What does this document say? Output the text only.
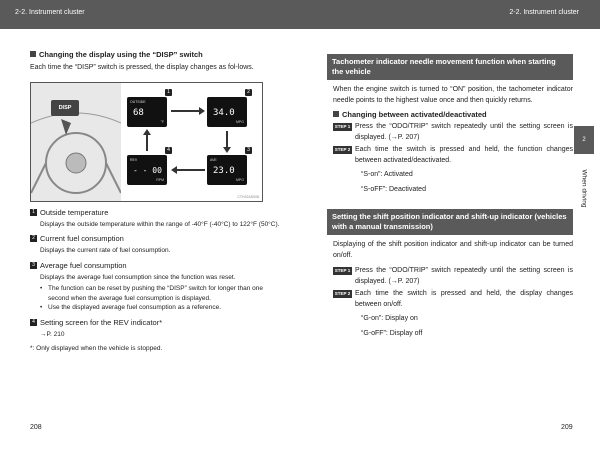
2-2. Instrument cluster	2-2. Instrument cluster
Changing the display using the “DISP” switch
Each time the “DISP” switch is pressed, the display changes as fol-lows.
DISP
1
OUTSIDE
68
°F
2
34.0
MPG
4
REV
- - 00
RPM
3
AVE
23.0
MPG
CTH22AS008
1 Outside temperature
Displays the outside temperature within the range of -40°F (-40°C) to 122°F (50°C).
2 Current fuel consumption
Displays the current rate of fuel consumption.
3 Average fuel consumption
Displays the average fuel consumption since the function was reset.
• The function can be reset by pushing the “DISP” switch for longer than one second when the average fuel consumption is displayed.
• Use the displayed average fuel consumption as a reference.
4 Setting screen for the REV indicator*
→P. 210
*: Only displayed when the vehicle is stopped.
Tachometer indicator needle movement function when starting the vehicle
When the engine switch is turned to “ON” position, the tachometer indicator needle points to the highest value once and then quickly returns.
Changing between activated/deactivated
STEP 1 Press the “ODO/TRIP” switch repeatedly until the setting screen is displayed. (→P. 207)
STEP 2 Each time the switch is pressed and held, the function changes between activated/deactivated.
“S-on”: Activated
“S-oFF”: Deactivated
Setting the shift position indicator and shift-up indicator (vehicles with a manual transmission)
Displaying of the shift position indicator and shift-up indicator can be turned on/off.
STEP 1 Press the “ODO/TRIP” switch repeatedly until the setting screen is displayed. (→P. 207)
STEP 2 Each time the switch is pressed and held, the display changes between on/off.
“G-on”: Display on
“G-oFF”: Display off
2
When driving
208	209
